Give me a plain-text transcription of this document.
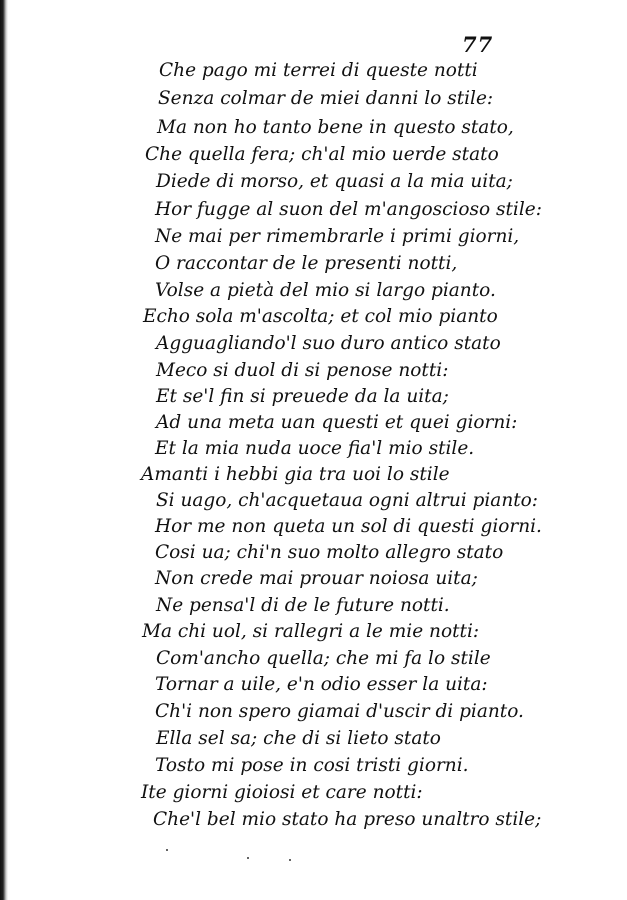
77
Che pago mi terrei di queste notti
Senza colmar de miei danni lo stile:
Ma non ho tanto bene in questo stato,
Che quella fera; ch'al mio uerde stato
Diede di morso, et quasi a la mia uita;
Hor fugge al suon del m'angoscioso stile:
Ne mai per rimembrarle i primi giorni,
O raccontar de le presenti notti,
Volse a pietà del mio si largo pianto.
Echo sola m'ascolta; et col mio pianto
Agguagliando'l suo duro antico stato
Meco si duol di si penose notti:
Et se'l fin si preuede da la uita;
Ad una meta uan questi et quei giorni:
Et la mia nuda uoce fia'l mio stile.
Amanti i hebbi gia tra uoi lo stile
Si uago, ch'acquetaua ogni altrui pianto:
Hor me non queta un sol di questi giorni.
Cosi ua; chi'n suo molto allegro stato
Non crede mai prouar noiosa uita;
Ne pensa'l di de le future notti.
Ma chi uol, si rallegri a le mie notti:
Com'ancho quella; che mi fa lo stile
Tornar a uile, e'n odio esser la uita:
Ch'i non spero giamai d'uscir di pianto.
Ella sel sa; che di si lieto stato
Tosto mi pose in cosi tristi giorni.
Ite giorni gioiosi et care notti:
Che'l bel mio stato ha preso unaltro stile;
